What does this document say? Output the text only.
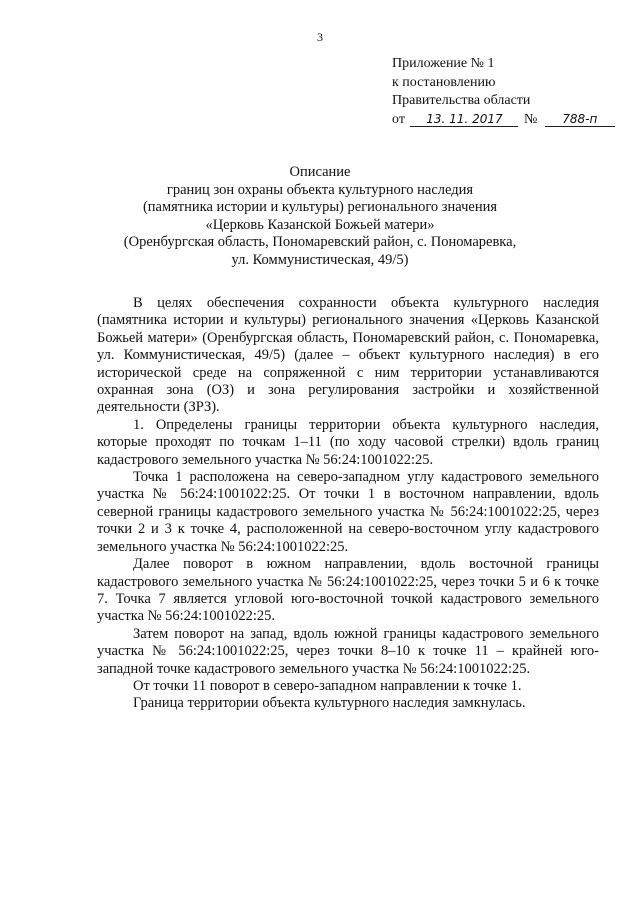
3
Приложение № 1
к постановлению
Правительства области
от 13. 11. 2017 № 788-п
Описание
границ зон охраны объекта культурного наследия
(памятника истории и культуры) регионального значения
«Церковь Казанской Божьей матери»
(Оренбургская область, Пономаревский район, с. Пономаревка,
ул. Коммунистическая, 49/5)

В целях обеспечения сохранности объекта культурного наследия (памятника истории и культуры) регионального значения «Церковь Казанской Божьей матери» (Оренбургская область, Пономаревский район, с. Пономаревка, ул. Коммунистическая, 49/5) (далее – объект культурного наследия) в его исторической среде на сопряженной с ним территории устанавливаются охранная зона (ОЗ) и зона регулирования застройки и хозяйственной деятельности (ЗРЗ).

1. Определены границы территории объекта культурного наследия, которые проходят по точкам 1–11 (по ходу часовой стрелки) вдоль границ кадастрового земельного участка № 56:24:1001022:25.

Точка 1 расположена на северо-западном углу кадастрового земельного участка № 56:24:1001022:25. От точки 1 в восточном направлении, вдоль северной границы кадастрового земельного участка № 56:24:1001022:25, через точки 2 и 3 к точке 4, расположенной на северо-восточном углу кадастрового земельного участка № 56:24:1001022:25.

Далее поворот в южном направлении, вдоль восточной границы кадастрового земельного участка № 56:24:1001022:25, через точки 5 и 6 к точке 7. Точка 7 является угловой юго-восточной точкой кадастрового земельного участка № 56:24:1001022:25.

Затем поворот на запад, вдоль южной границы кадастрового земельного участка № 56:24:1001022:25, через точки 8–10 к точке 11 – крайней юго-западной точке кадастрового земельного участка № 56:24:1001022:25.

От точки 11 поворот в северо-западном направлении к точке 1.

Граница территории объекта культурного наследия замкнулась.
